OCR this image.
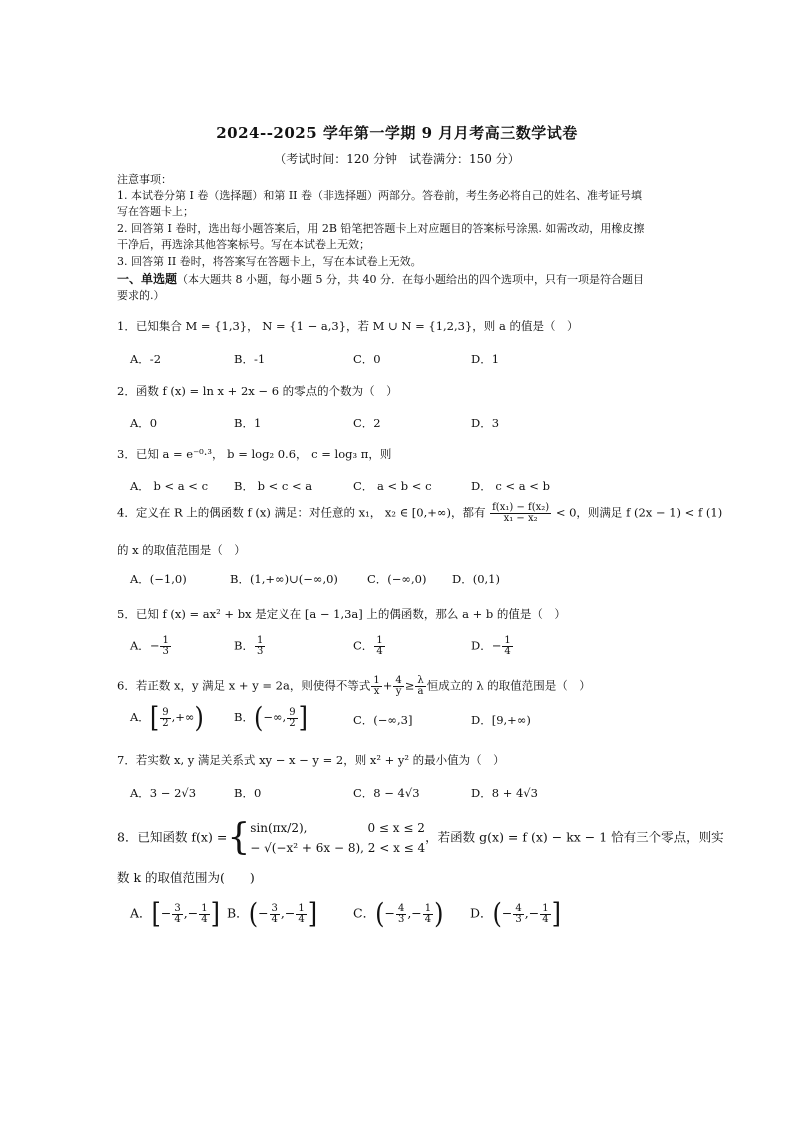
2024--2025 学年第一学期 9 月月考高三数学试卷
（考试时间：120 分钟　试卷满分：150 分）
注意事项：
1. 本试卷分第 I 卷（选择题）和第 II 卷（非选择题）两部分。答卷前，考生务必将自己的姓名、准考证号填
写在答题卡上；
2. 回答第 I 卷时，选出每小题答案后，用 2B 铅笔把答题卡上对应题目的答案标号涂黑. 如需改动，用橡皮擦
干净后，再选涂其他答案标号。写在本试卷上无效；
3. 回答第 II 卷时，将答案写在答题卡上，写在本试卷上无效。
一、单选题（本大题共 8 小题，每小题 5 分，共 40 分．在每小题给出的四个选项中，只有一项是符合题目
要求的.）
1．已知集合 M = {1,3}， N = {1 − a,3}，若 M ∪ N = {1,2,3}，则 a 的值是（　）
A．-2	B．-1	C．0	D．1
2．函数 f (x) = ln x + 2x − 6 的零点的个数为（　）
A．0	B．1	C．2	D．3
3．已知 a = e⁻⁰·³， b = log₂ 0.6， c = log₃ π，则
A． b < a < c B． b < c < a	C． a < b < c	D． c < a < b
4．定义在 R 上的偶函数 f (x) 满足：对任意的 x₁， x₂ ∈ [0,+∞)，都有 $\frac{\text{f(x₁) − f(x₂)}}{\text{x₁ − x₂}} < 0$，则满足 f (2x − 1) < f (1)
的 x 的取值范围是（　）
A．(−1,0)	B．(1,+∞)∪(−∞,0)	C．(−∞,0) D．(0,1)
5．已知 f (x) = ax² + bx 是定义在 [a − 1,3a] 上的偶函数，那么 a + b 的值是（　）
A．− $\frac{1}{3}$	B． $\frac{1}{3}$	C． $\frac{1}{4}$	D．− $\frac{1}{4}$
6．若正数 x，y 满足 x + y = 2a，则使得不等式 $\frac{1}{x} + \frac{4}{y} \ge \frac{\lambda}{a}$ 恒成立的 λ 的取值范围是（　）
A．[ $\frac{9}{2}$ ,+∞)	B．(−∞, $\frac{9}{2}$ ]	C．(−∞,3]	D．[9,+∞)
7．若实数 x, y 满足关系式 xy − x − y = 2，则 x² + y² 的最小值为（　）
A．3 − 2√3	B．0	C．8 − 4√3	D．8 + 4√3
8．已知函数 f(x) ={ sin(πx/2),　　　　　0 ≤ x ≤ 2
− √(−x² + 6x − 8), 2 < x ≤ 4
，若函数 g(x) = f (x) − kx − 1 恰有三个零点，则实
数 k 的取值范围为(　　)
A．[− $\frac{3}{4}$ ,− $\frac{1}{4}$ ] B．(− $\frac{3}{4}$ ,− $\frac{1}{4}$ ]	C．(− $\frac{4}{3}$ ,− $\frac{1}{4}$ ) D．(− $\frac{4}{3}$ ,− $\frac{1}{4}$ ]
